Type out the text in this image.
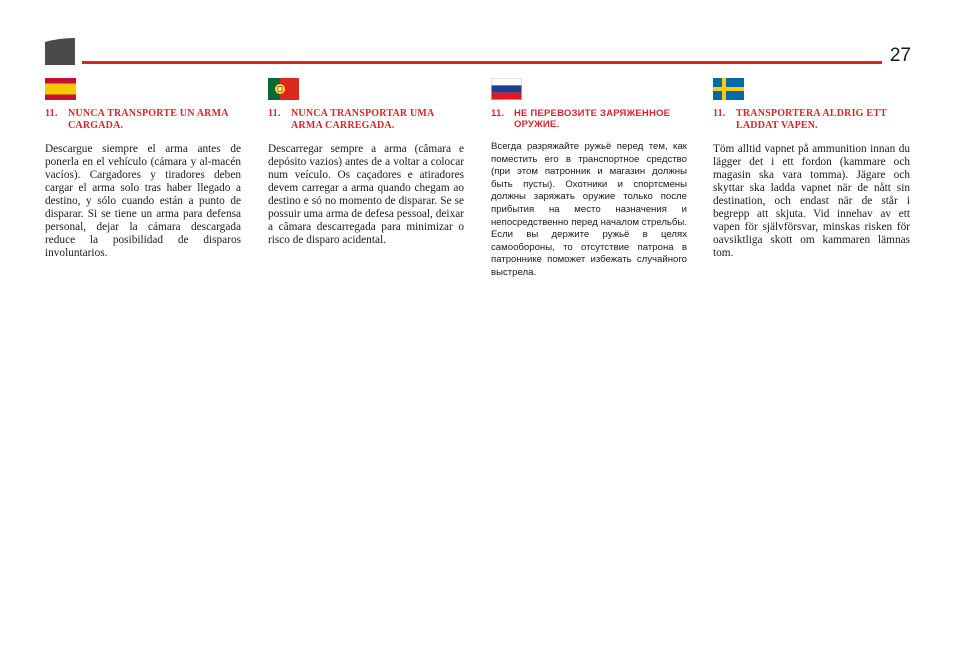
27
11. NUNCA TRANSPORTE UN ARMA CARGADA.
Descargue siempre el arma antes de ponerla en el vehículo (cámara y al-macén vacíos). Cargadores y tiradores deben cargar el arma solo tras haber llegado a destino, y sólo cuando están a punto de disparar. Si se tiene un arma para defensa personal, dejar la cámara descargada reduce la posibilidad de disparos involuntarios.
11. NUNCA TRANSPORTAR UMA ARMA CARREGADA.
Descarregar sempre a arma (câmara e depósito vazios) antes de a voltar a colocar num veículo. Os caçadores e atiradores devem carregar a arma quando chegam ao destino e só no momento de disparar. Se se possuir uma arma de defesa pessoal, deixar a câmara descarregada para minimizar o risco de disparo acidental.
11. НЕ ПЕРЕВОЗИТЕ ЗАРЯЖЕННОЕ ОРУЖИЕ.
Всегда разряжайте ружьё перед тем, как поместить его в транспортное средство (при этом патронник и магазин должны быть пусты). Охотники и спортсмены должны заряжать оружие только после прибытия на место назначения и непосредственно перед началом стрельбы. Если вы держите ружьё в целях самообороны, то отсутствие патрона в патроннике поможет избежать случайного выстрела.
11. TRANSPORTERA ALDRIG ETT LADDAT VAPEN.
Töm alltid vapnet på ammunition innan du lägger det i ett fordon (kammare och magasin ska vara tomma). Jägare och skyttar ska ladda vapnet när de nått sin destination, och endast när de står i begrepp att skjuta. Vid innehav av ett vapen för självförsvar, minskas risken för oavsiktliga skott om kammaren lämnas tom.
